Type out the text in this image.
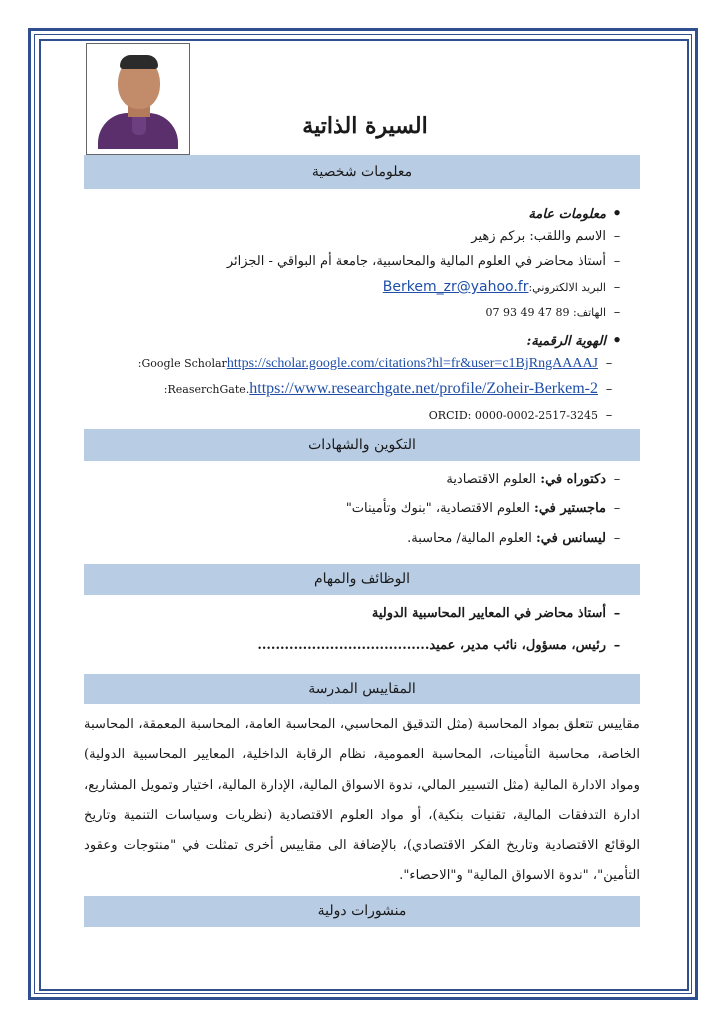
السيرة الذاتية
معلومات شخصية
•معلومات عامة
–الاسم واللقب: بركم زهير
–أستاذ محاضر في العلوم المالية والمحاسبية، جامعة أم البواقي - الجزائر
–البريد الالكتروني:Berkem_zr@yahoo.fr
–الهاتف: 89 47 49 93 07
•الهوية الرقمية:
–:Google Scholarhttps://scholar.google.com/citations?hl=fr&user=c1BjRngAAAAJ
–:ReaserchGate.https://www.researchgate.net/profile/Zoheir-Berkem-2
–ORCID: 0000-0002-2517-3245
التكوين والشهادات
–دكتوراه في: العلوم الاقتصادية
–ماجستير في: العلوم الاقتصادية، "بنوك وتأمينات"
–ليسانس في: العلوم المالية/ محاسبة.
الوظائف والمهام
–أستاذ محاضر في المعايير المحاسبية الدولية
–رئيس، مسؤول، نائب مدير، عميد......................................
المقاييس المدرسة
مقاييس تتعلق بمواد المحاسبة (مثل التدقيق المحاسبي، المحاسبة العامة، المحاسبة المعمقة، المحاسبة الخاصة، محاسبة التأمينات، المحاسبة العمومية، نظام الرقابة الداخلية، المعايير المحاسبية الدولية) ومواد الادارة المالية (مثل التسيير المالي، ندوة الاسواق المالية، الإدارة المالية، اختيار وتمويل المشاريع، ادارة التدفقات المالية، تقنيات بنكية)، أو مواد العلوم الاقتصادية (نظريات وسياسات التنمية وتاريخ الوقائع الاقتصادية وتاريخ الفكر الاقتصادي)، بالإضافة الى مقاييس أخرى تمثلت في "منتوجات وعقود التأمين"، "ندوة الاسواق المالية" و"الاحصاء".
منشورات دولية
